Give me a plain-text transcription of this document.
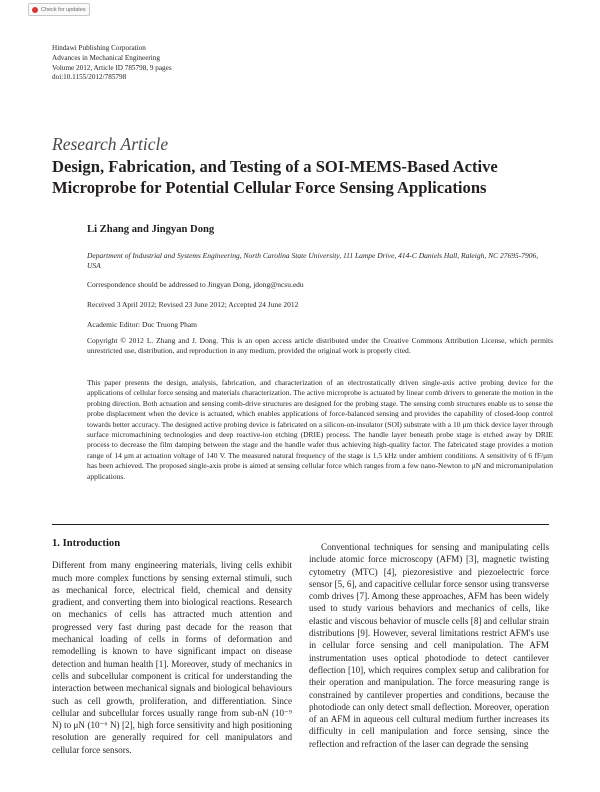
Check for updates
Hindawi Publishing Corporation
Advances in Mechanical Engineering
Volume 2012, Article ID 785798, 9 pages
doi:10.1155/2012/785798
Research Article
Design, Fabrication, and Testing of a SOI-MEMS-Based Active Microprobe for Potential Cellular Force Sensing Applications
Li Zhang and Jingyan Dong
Department of Industrial and Systems Engineering, North Carolina State University, 111 Lampe Drive, 414-C Daniels Hall, Raleigh, NC 27695-7906, USA
Correspondence should be addressed to Jingyan Dong, jdong@ncsu.edu
Received 3 April 2012; Revised 23 June 2012; Accepted 24 June 2012
Academic Editor: Duc Truong Pham
Copyright © 2012 L. Zhang and J. Dong. This is an open access article distributed under the Creative Commons Attribution License, which permits unrestricted use, distribution, and reproduction in any medium, provided the original work is properly cited.
This paper presents the design, analysis, fabrication, and characterization of an electrostatically driven single-axis active probing device for the applications of cellular force sensing and materials characterization. The active microprobe is actuated by linear comb drivers to generate the motion in the probing direction. Both actuation and sensing comb-drive structures are designed for the probing stage. The sensing comb structures enable us to sense the probe displacement when the device is actuated, which enables applications of force-balanced sensing and provides the capability of closed-loop control towards better accuracy. The designed active probing device is fabricated on a silicon-on-insulator (SOI) substrate with a 10 μm thick device layer through surface micromachining technologies and deep reactive-ion etching (DRIE) process. The handle layer beneath probe stage is etched away by DRIE process to decrease the film damping between the stage and the handle wafer thus achieving high-quality factor. The fabricated stage provides a motion range of 14 μm at actuation voltage of 140 V. The measured natural frequency of the stage is 1.5 kHz under ambient conditions. A sensitivity of 6 fF/μm has been achieved. The proposed single-axis probe is aimed at sensing cellular force which ranges from a few nano-Newton to μN and micromanipulation applications.
1. Introduction

Different from many engineering materials, living cells exhibit much more complex functions by sensing external stimuli, such as mechanical force, electrical field, chemical and density gradient, and converting them into biological reactions. Research on mechanics of cells has attracted much attention and progressed very fast during past decade for the reason that mechanical loading of cells in forms of deformation and remodelling is known to have significant impact on disease detection and human health [1]. Moreover, study of mechanics in cells and subcellular component is critical for understanding the interaction between mechanical signals and biological behaviours such as cell growth, proliferation, and differentiation. Since cellular and subcellular forces usually range from sub-nN (10⁻⁹ N) to μN (10⁻⁶ N) [2], high force sensitivity and high positioning resolution are generally required for cell manipulators and cellular force sensors.

Conventional techniques for sensing and manipulating cells include atomic force microscopy (AFM) [3], magnetic twisting cytometry (MTC) [4], piezoresistive and piezoelectric force sensor [5, 6], and capacitive cellular force sensor using transverse comb drives [7]. Among these approaches, AFM has been widely used to study various behaviors and mechanics of cells, like elastic and viscous behavior of muscle cells [8] and cellular strain distributions [9]. However, several limitations restrict AFM's use in cellular force sensing and cell manipulation. The AFM instrumentation uses optical photodiode to detect cantilever deflection [10], which requires complex setup and calibration for their operation and manipulation. The force measuring range is constrained by cantilever properties and conditions, because the photodiode can only detect small deflection. Moreover, operation of an AFM in aqueous cell cultural medium further increases its difficulty in cell manipulation and force sensing, since the reflection and refraction of the laser can degrade the sensing
